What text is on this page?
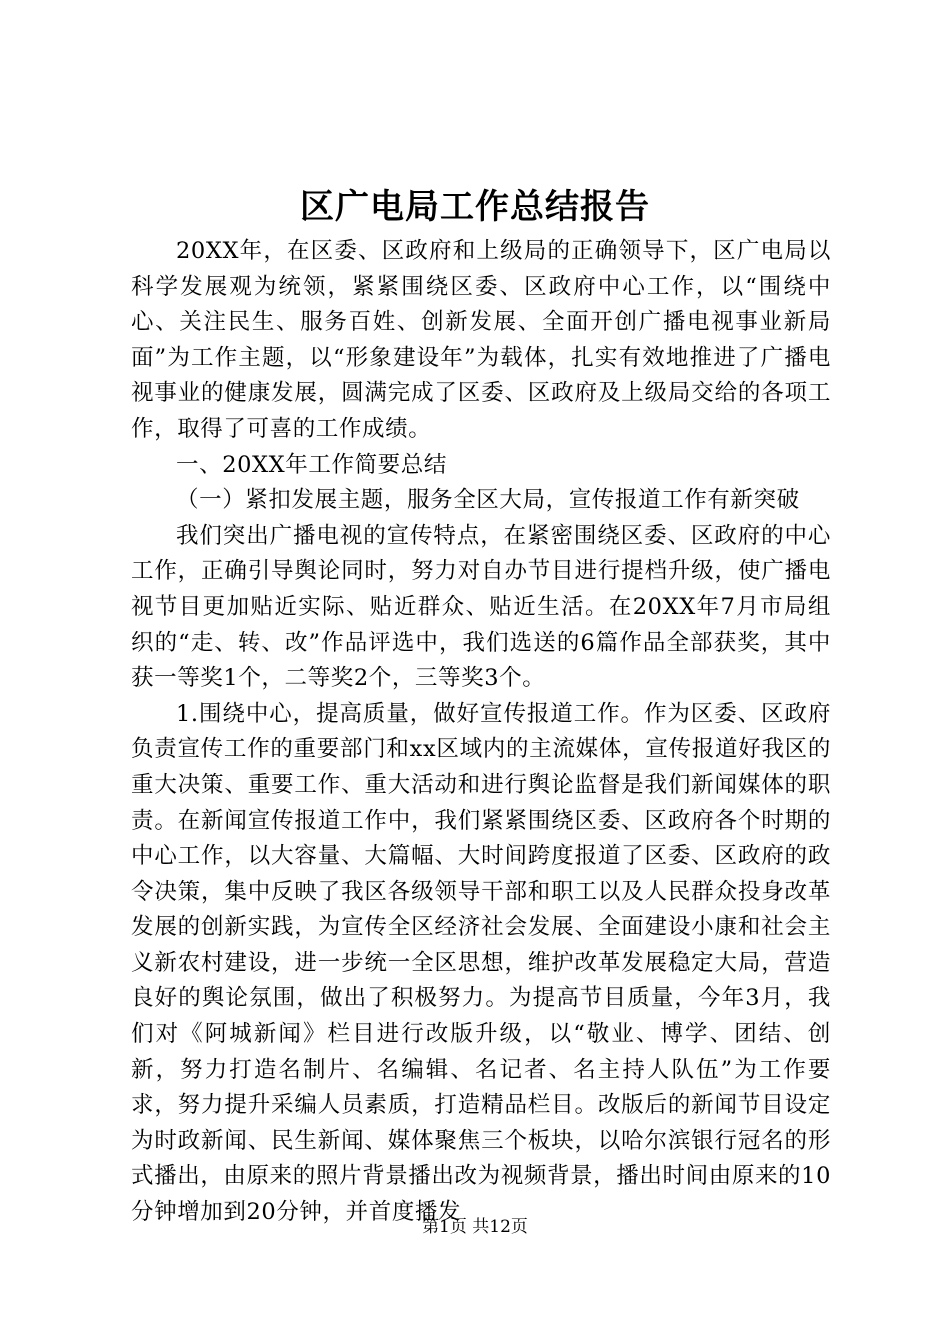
区广电局工作总结报告

20XX年，在区委、区政府和上级局的正确领导下，区广电局以科学发展观为统领，紧紧围绕区委、区政府中心工作，以“围绕中心、关注民生、服务百姓、创新发展、全面开创广播电视事业新局面”为工作主题，以“形象建设年”为载体，扎实有效地推进了广播电视事业的健康发展，圆满完成了区委、区政府及上级局交给的各项工作，取得了可喜的工作成绩。

一、20XX年工作简要总结

（一）紧扣发展主题，服务全区大局，宣传报道工作有新突破

我们突出广播电视的宣传特点，在紧密围绕区委、区政府的中心工作，正确引导舆论同时，努力对自办节目进行提档升级，使广播电视节目更加贴近实际、贴近群众、贴近生活。在20XX年7月市局组织的“走、转、改”作品评选中，我们选送的6篇作品全部获奖，其中获一等奖1个，二等奖2个，三等奖3个。

1.围绕中心，提高质量，做好宣传报道工作。作为区委、区政府负责宣传工作的重要部门和xx区域内的主流媒体，宣传报道好我区的重大决策、重要工作、重大活动和进行舆论监督是我们新闻媒体的职责。在新闻宣传报道工作中，我们紧紧围绕区委、区政府各个时期的中心工作，以大容量、大篇幅、大时间跨度报道了区委、区政府的政令决策，集中反映了我区各级领导干部和职工以及人民群众投身改革发展的创新实践，为宣传全区经济社会发展、全面建设小康和社会主义新农村建设，进一步统一全区思想，维护改革发展稳定大局，营造良好的舆论氛围，做出了积极努力。为提高节目质量，今年3月，我们对《阿城新闻》栏目进行改版升级，以“敬业、博学、团结、创新，努力打造名制片、名编辑、名记者、名主持人队伍”为工作要求，努力提升采编人员素质，打造精品栏目。改版后的新闻节目设定为时政新闻、民生新闻、媒体聚焦三个板块，以哈尔滨银行冠名的形式播出，由原来的照片背景播出改为视频背景，播出时间由原来的10分钟增加到20分钟，并首度播发

第1页 共12页
